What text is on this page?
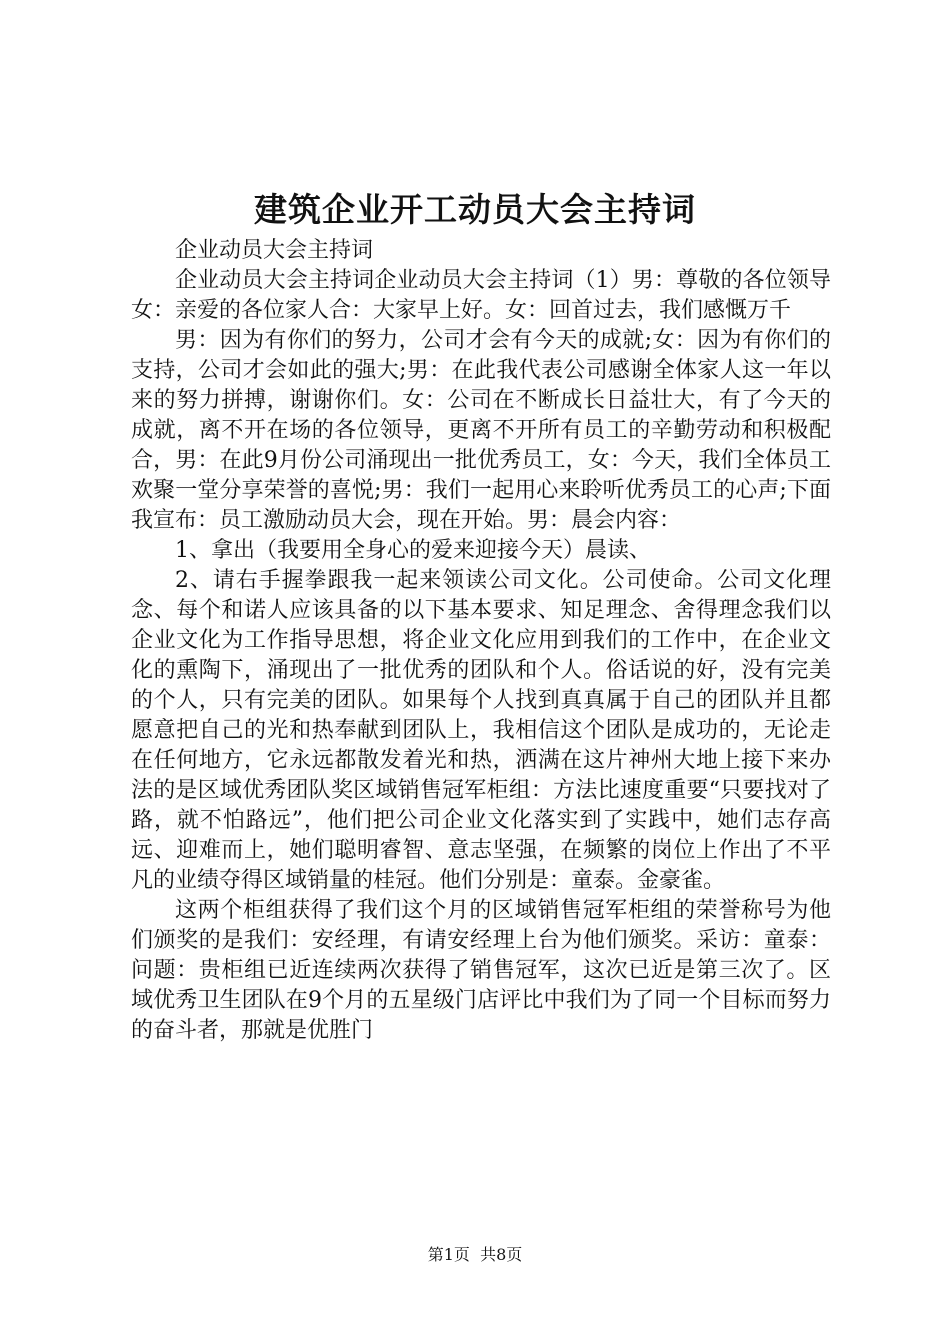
建筑企业开工动员大会主持词

企业动员大会主持词

企业动员大会主持词企业动员大会主持词（1）男：尊敬的各位领导女：亲爱的各位家人合：大家早上好。女：回首过去，我们感慨万千

男：因为有你们的努力，公司才会有今天的成就;女：因为有你们的支持，公司才会如此的强大;男：在此我代表公司感谢全体家人这一年以来的努力拼搏，谢谢你们。女：公司在不断成长日益壮大，有了今天的成就，离不开在场的各位领导，更离不开所有员工的辛勤劳动和积极配合，男：在此9月份公司涌现出一批优秀员工，女：今天，我们全体员工欢聚一堂分享荣誉的喜悦;男：我们一起用心来聆听优秀员工的心声;下面我宣布：员工激励动员大会，现在开始。男：晨会内容：

1、拿出（我要用全身心的爱来迎接今天）晨读、

2、请右手握拳跟我一起来领读公司文化。公司使命。公司文化理念、每个和诺人应该具备的以下基本要求、知足理念、舍得理念我们以企业文化为工作指导思想，将企业文化应用到我们的工作中，在企业文化的熏陶下，涌现出了一批优秀的团队和个人。俗话说的好，没有完美的个人，只有完美的团队。如果每个人找到真真属于自己的团队并且都愿意把自己的光和热奉献到团队上，我相信这个团队是成功的，无论走在任何地方，它永远都散发着光和热，洒满在这片神州大地上接下来办法的是区域优秀团队奖区域销售冠军柜组：方法比速度重要“只要找对了路，就不怕路远”，他们把公司企业文化落实到了实践中，她们志存高远、迎难而上，她们聪明睿智、意志坚强，在频繁的岗位上作出了不平凡的业绩夺得区域销量的桂冠。他们分别是：童泰。金豪雀。

这两个柜组获得了我们这个月的区域销售冠军柜组的荣誉称号为他们颁奖的是我们：安经理，有请安经理上台为他们颁奖。采访：童泰：问题：贵柜组已近连续两次获得了销售冠军，这次已近是第三次了。区域优秀卫生团队在9个月的五星级门店评比中我们为了同一个目标而努力的奋斗者，那就是优胜门

第1页 共8页
